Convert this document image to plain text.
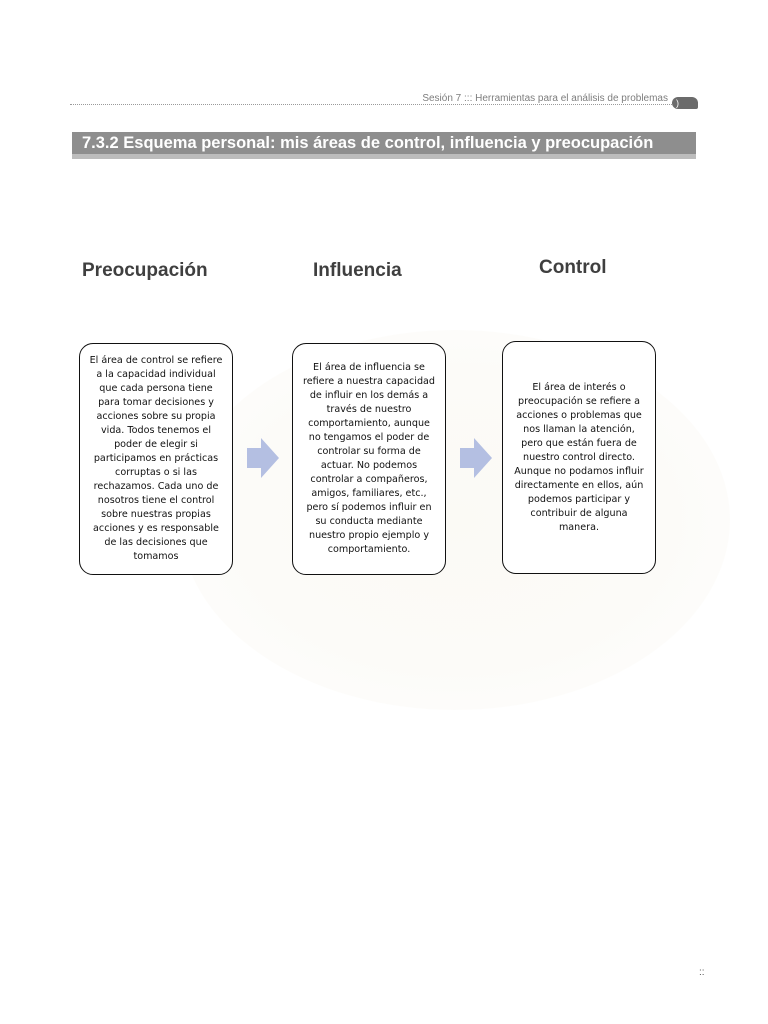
Sesión 7 ::: Herramientas para el análisis de problemas )
7.3.2 Esquema personal: mis áreas de control, influencia y preocupación
Preocupación	Influencia	Control
El área de control se refiere a la capacidad individual que cada persona tiene para tomar decisiones y acciones sobre su propia vida. Todos tenemos el poder de elegir si participamos en prácticas corruptas o si las rechazamos. Cada uno de nosotros tiene el control sobre nuestras propias acciones y es responsable de las decisiones que tomamos
El área de influencia se refiere a nuestra capacidad de influir en los demás a través de nuestro comportamiento, aunque no tengamos el poder de controlar su forma de actuar. No podemos controlar a compañeros, amigos, familiares, etc., pero sí podemos influir en su conducta mediante nuestro propio ejemplo y comportamiento.
El área de interés o preocupación se refiere a acciones o problemas que nos llaman la atención, pero que están fuera de nuestro control directo. Aunque no podamos influir directamente en ellos, aún podemos participar y contribuir de alguna manera.
::
